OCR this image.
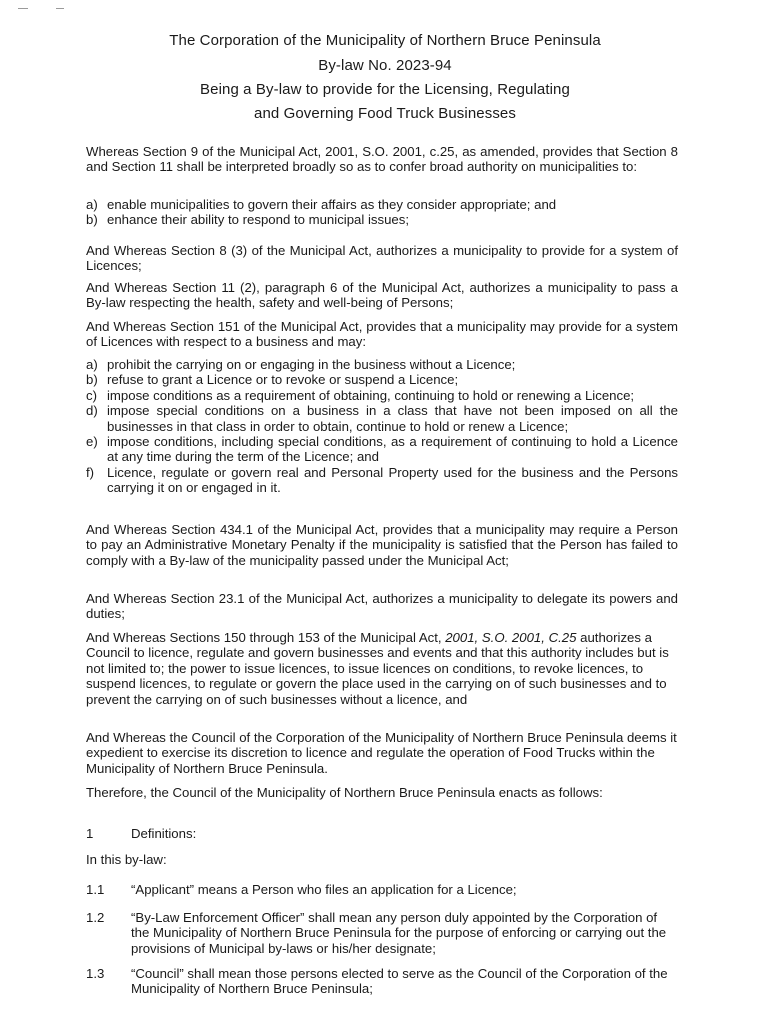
The Corporation of the Municipality of Northern Bruce Peninsula
By-law No. 2023-94
Being a By-law to provide for the Licensing, Regulating
and Governing Food Truck Businesses
Whereas Section 9 of the Municipal Act, 2001, S.O. 2001, c.25, as amended, provides that Section 8 and Section 11 shall be interpreted broadly so as to confer broad authority on municipalities to:
a) enable municipalities to govern their affairs as they consider appropriate; and
b) enhance their ability to respond to municipal issues;
And Whereas Section 8 (3) of the Municipal Act, authorizes a municipality to provide for a system of Licences;
And Whereas Section 11 (2), paragraph 6 of the Municipal Act, authorizes a municipality to pass a By-law respecting the health, safety and well-being of Persons;
And Whereas Section 151 of the Municipal Act, provides that a municipality may provide for a system of Licences with respect to a business and may:
a) prohibit the carrying on or engaging in the business without a Licence;
b) refuse to grant a Licence or to revoke or suspend a Licence;
c) impose conditions as a requirement of obtaining, continuing to hold or renewing a Licence;
d) impose special conditions on a business in a class that have not been imposed on all the businesses in that class in order to obtain, continue to hold or renew a Licence;
e) impose conditions, including special conditions, as a requirement of continuing to hold a Licence at any time during the term of the Licence; and
f) Licence, regulate or govern real and Personal Property used for the business and the Persons carrying it on or engaged in it.
And Whereas Section 434.1 of the Municipal Act, provides that a municipality may require a Person to pay an Administrative Monetary Penalty if the municipality is satisfied that the Person has failed to comply with a By-law of the municipality passed under the Municipal Act;
And Whereas Section 23.1 of the Municipal Act, authorizes a municipality to delegate its powers and duties;
And Whereas Sections 150 through 153 of the Municipal Act, 2001, S.O. 2001, C.25 authorizes a Council to licence, regulate and govern businesses and events and that this authority includes but is not limited to; the power to issue licences, to issue licences on conditions, to revoke licences, to suspend licences, to regulate or govern the place used in the carrying on of such businesses and to prevent the carrying on of such businesses without a licence, and
And Whereas the Council of the Corporation of the Municipality of Northern Bruce Peninsula deems it expedient to exercise its discretion to licence and regulate the operation of Food Trucks within the Municipality of Northern Bruce Peninsula.
Therefore, the Council of the Municipality of Northern Bruce Peninsula enacts as follows:
1	Definitions:
In this by-law:
1.1 “Applicant” means a Person who files an application for a Licence;
1.2 “By-Law Enforcement Officer” shall mean any person duly appointed by the Corporation of the Municipality of Northern Bruce Peninsula for the purpose of enforcing or carrying out the provisions of Municipal by-laws or his/her designate;
1.3 “Council” shall mean those persons elected to serve as the Council of the Corporation of the Municipality of Northern Bruce Peninsula;
